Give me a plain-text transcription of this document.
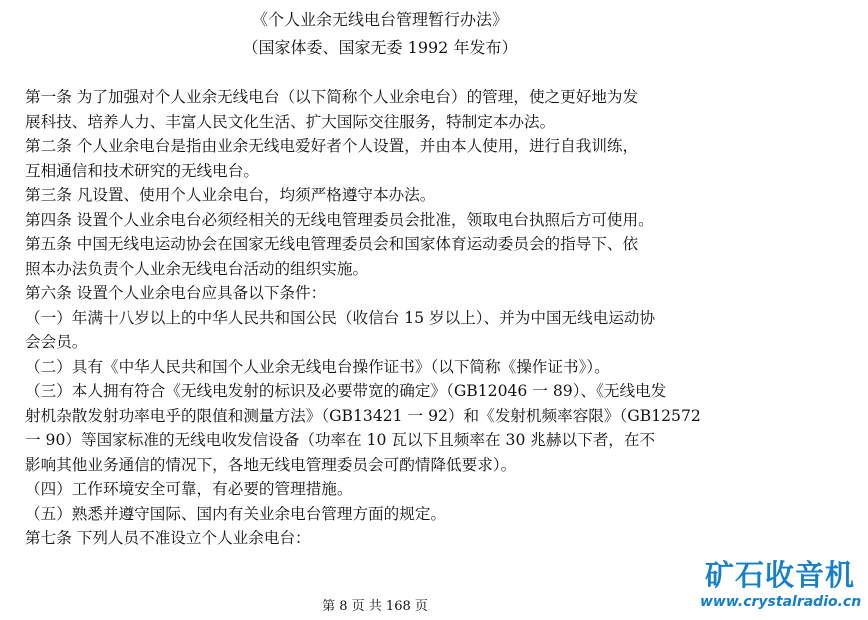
《个人业余无线电台管理暂行办法》
（国家体委、国家无委 1992 年发布）
第一条 为了加强对个人业余无线电台（以下简称个人业余电台）的管理，使之更好地为发
展科技、培养人力、丰富人民文化生活、扩大国际交往服务，特制定本办法。
第二条 个人业余电台是指由业余无线电爱好者个人设置，并由本人使用，进行自我训练，
互相通信和技术研究的无线电台。
第三条 凡设置、使用个人业余电台，均须严格遵守本办法。
第四条 设置个人业余电台必须经相关的无线电管理委员会批准，领取电台执照后方可使用。
第五条 中国无线电运动协会在国家无线电管理委员会和国家体育运动委员会的指导下、依
照本办法负责个人业余无线电台活动的组织实施。
第六条 设置个人业余电台应具备以下条件：
（一）年满十八岁以上的中华人民共和国公民（收信台 15 岁以上）、并为中国无线电运动协
会会员。
（二）具有《中华人民共和国个人业余无线电台操作证书》（以下简称《操作证书》）。
（三）本人拥有符合《无线电发射的标识及必要带宽的确定》（GB12046 一 89）、《无线电发
射机杂散发射功率电乎的限值和测量方法》（GB13421 一 92）和《发射机频率容限》（GB12572
一 90）等国家标准的无线电收发信设备（功率在 10 瓦以下且频率在 30 兆赫以下者，在不
影响其他业务通信的情况下，各地无线电管理委员会可酌情降低要求）。
（四）工作环境安全可靠，有必要的管理措施。
（五）熟悉并遵守国际、国内有关业余电台管理方面的规定。
第七条 下列人员不准设立个人业余电台：
第 8 页 共 168 页
矿石收音机
www.crystalradio.cn
